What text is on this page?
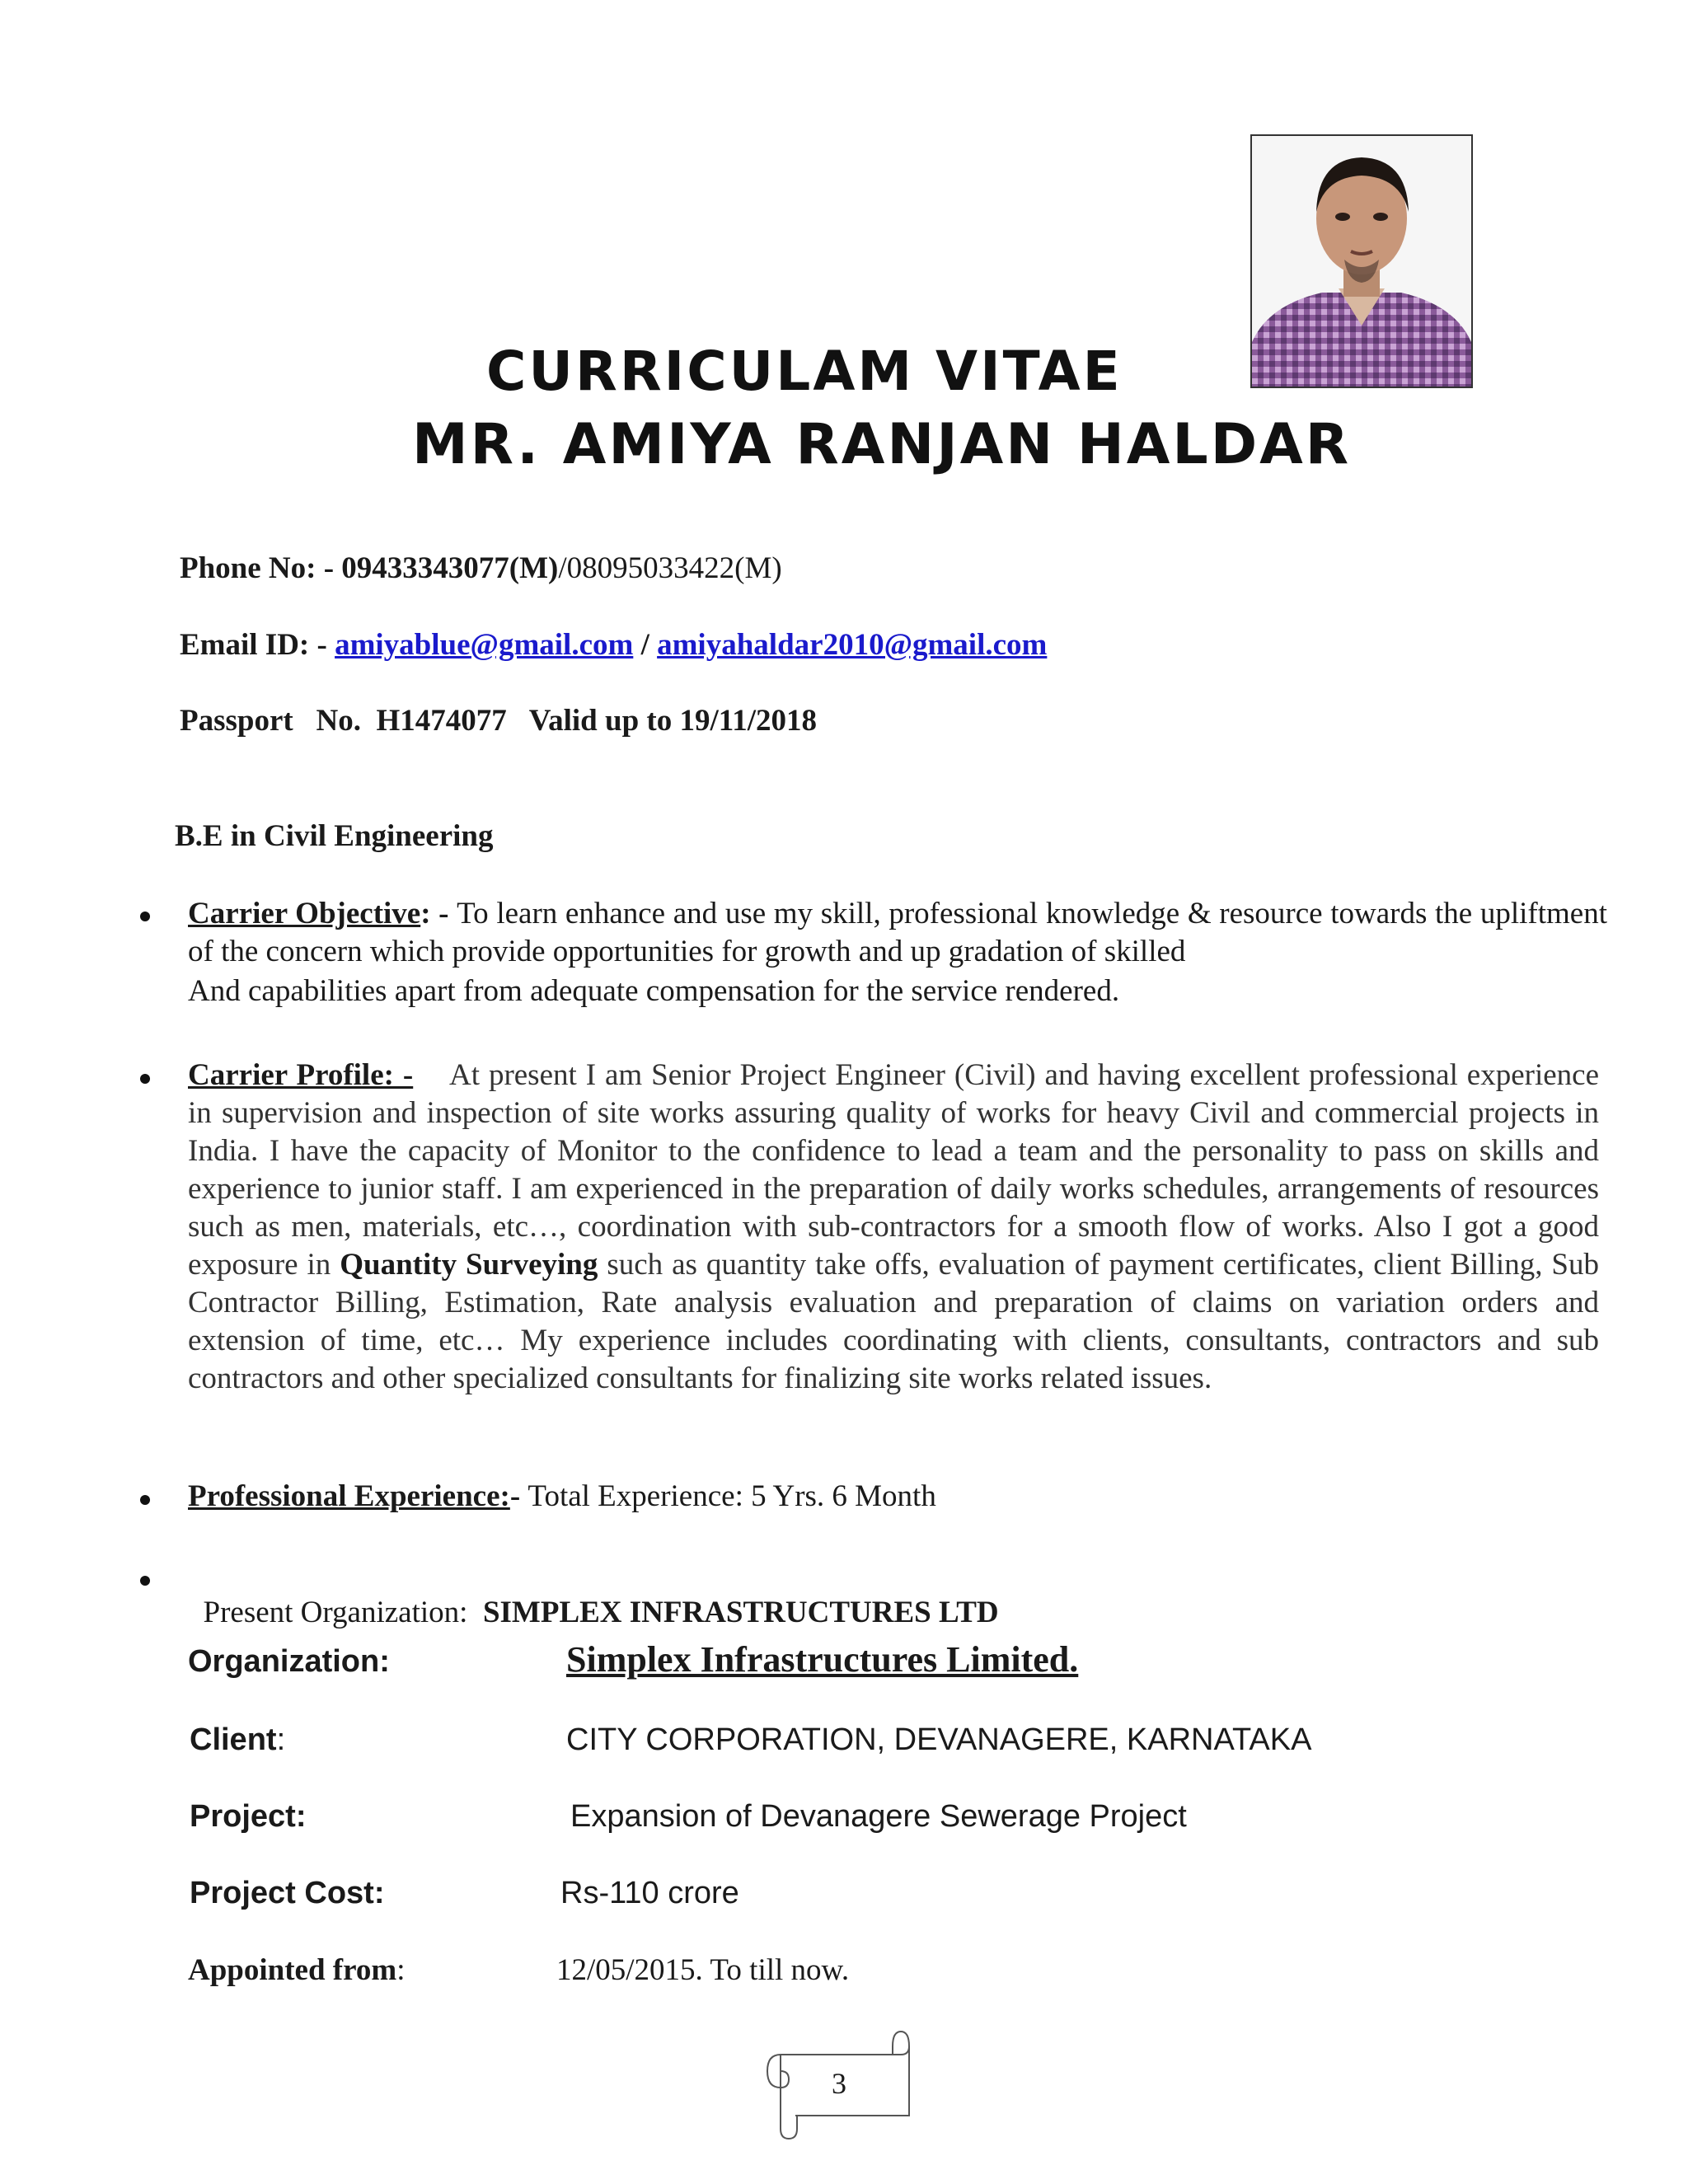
CURRICULAM VITAE
MR. AMIYA RANJAN HALDAR
Phone No: - 09433343077(M)/08095033422(M)
Email ID: - amiyablue@gmail.com / amiyahaldar2010@gmail.com
Passport   No.  H1474077   Valid up to 19/11/2018
B.E in Civil Engineering
Carrier Objective: - To learn enhance and use my skill, professional knowledge & resource towards the upliftment of the concern which provide opportunities for growth and up gradation of skilled
And capabilities apart from adequate compensation for the service rendered.
Carrier Profile: - At present I am Senior Project Engineer (Civil) and having excellent professional experience in supervision and inspection of site works assuring quality of works for heavy Civil and commercial projects in India. I have the capacity of Monitor to the confidence to lead a team and the personality to pass on skills and experience to junior staff. I am experienced in the preparation of daily works schedules, arrangements of resources such as men, materials, etc…, coordination with sub-contractors for a smooth flow of works. Also I got a good exposure in Quantity Surveying such as quantity take offs, evaluation of payment certificates, client Billing, Sub Contractor Billing, Estimation, Rate analysis evaluation and preparation of claims on variation orders and extension of time, etc… My experience includes coordinating with clients, consultants, contractors and sub contractors and other specialized consultants for finalizing site works related issues.
Professional Experience:- Total Experience: 5 Yrs. 6 Month

Present Organization:  SIMPLEX INFRASTRUCTURES LTD

Organization:	Simplex Infrastructures Limited.
Client:	CITY CORPORATION, DEVANAGERE, KARNATAKA
Project:	Expansion of Devanagere Sewerage Project
Project Cost:	Rs-110 crore
Appointed from:	12/05/2015. To till now.
3
